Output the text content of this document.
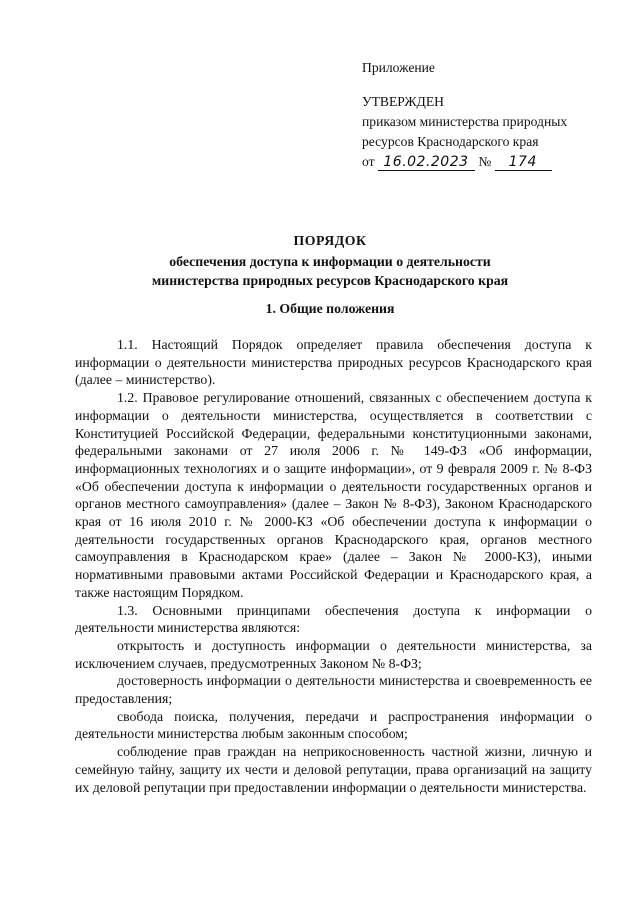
Приложение
УТВЕРЖДЕН
приказом министерства природных
ресурсов Краснодарского края
от 16.02.2023 № 174
ПОРЯДОК
обеспечения доступа к информации о деятельности
министерства природных ресурсов Краснодарского края
1. Общие положения

1.1. Настоящий Порядок определяет правила обеспечения доступа к информации о деятельности министерства природных ресурсов Краснодарского края (далее – министерство).

1.2. Правовое регулирование отношений, связанных с обеспечением доступа к информации о деятельности министерства, осуществляется в соответствии с Конституцией Российской Федерации, федеральными конституционными законами, федеральными законами от 27 июля 2006 г. № 149-ФЗ «Об информации, информационных технологиях и о защите информации», от 9 февраля 2009 г. № 8-ФЗ «Об обеспечении доступа к информации о деятельности государственных органов и органов местного самоуправления» (далее – Закон № 8-ФЗ), Законом Краснодарского края от 16 июля 2010 г. № 2000-КЗ «Об обеспечении доступа к информации о деятельности государственных органов Краснодарского края, органов местного самоуправления в Краснодарском крае» (далее – Закон № 2000-КЗ), иными нормативными правовыми актами Российской Федерации и Краснодарского края, а также настоящим Порядком.

1.3. Основными принципами обеспечения доступа к информации о деятельности министерства являются:

открытость и доступность информации о деятельности министерства, за исключением случаев, предусмотренных Законом № 8-ФЗ;

достоверность информации о деятельности министерства и своевременность ее предоставления;

свобода поиска, получения, передачи и распространения информации о деятельности министерства любым законным способом;

соблюдение прав граждан на неприкосновенность частной жизни, личную и семейную тайну, защиту их чести и деловой репутации, права организаций на защиту их деловой репутации при предоставлении информации о деятельности министерства.
